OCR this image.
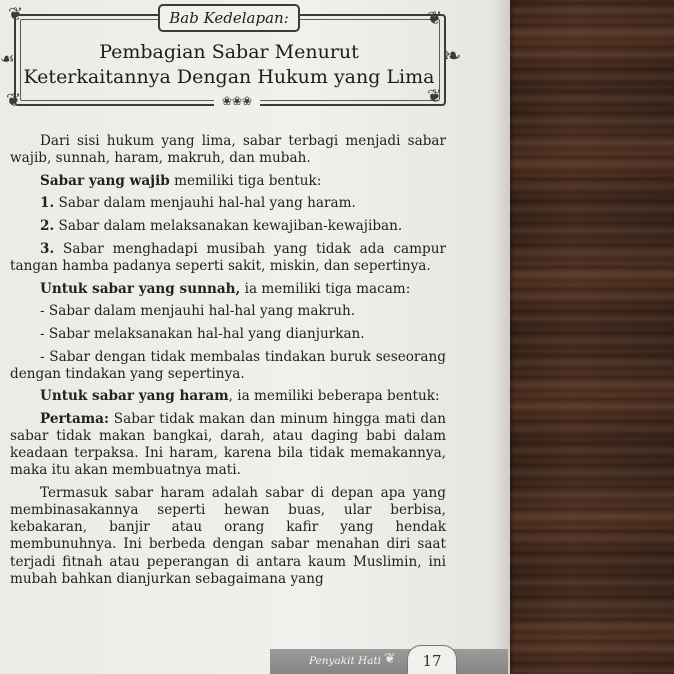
❦	❦
❦	❦
❧
☙
Bab Kedelapan:
Pembagian Sabar Menurut
Keterkaitannya Dengan Hukum yang Lima
❀❀❀

Dari sisi hukum yang lima, sabar terbagi menjadi sabar wajib, sunnah, haram, makruh, dan mubah.

Sabar yang wajib memiliki tiga bentuk:

1. Sabar dalam menjauhi hal-hal yang haram.

2. Sabar dalam melaksanakan kewajiban-kewajiban.

3. Sabar menghadapi musibah yang tidak ada campur tangan hamba padanya seperti sakit, miskin, dan sepertinya.

Untuk sabar yang sunnah, ia memiliki tiga macam:

- Sabar dalam menjauhi hal-hal yang makruh.

- Sabar melaksanakan hal-hal yang dianjurkan.

- Sabar dengan tidak membalas tindakan buruk seseorang dengan tindakan yang sepertinya.

Untuk sabar yang haram, ia memiliki beberapa bentuk:

Pertama: Sabar tidak makan dan minum hingga mati dan sabar tidak makan bangkai, darah, atau daging babi dalam keadaan terpaksa. Ini haram, karena bila tidak memakannya, maka itu akan membuatnya mati.

Termasuk sabar haram adalah sabar di depan apa yang membinasakannya seperti hewan buas, ular berbisa, kebakaran, banjir atau orang kafir yang hendak membunuhnya. Ini berbeda dengan sabar menahan diri saat terjadi fitnah atau peperangan di antara kaum Muslimin, ini mubah bahkan dianjurkan sebagaimana yang

Penyakit Hati ❦	17
